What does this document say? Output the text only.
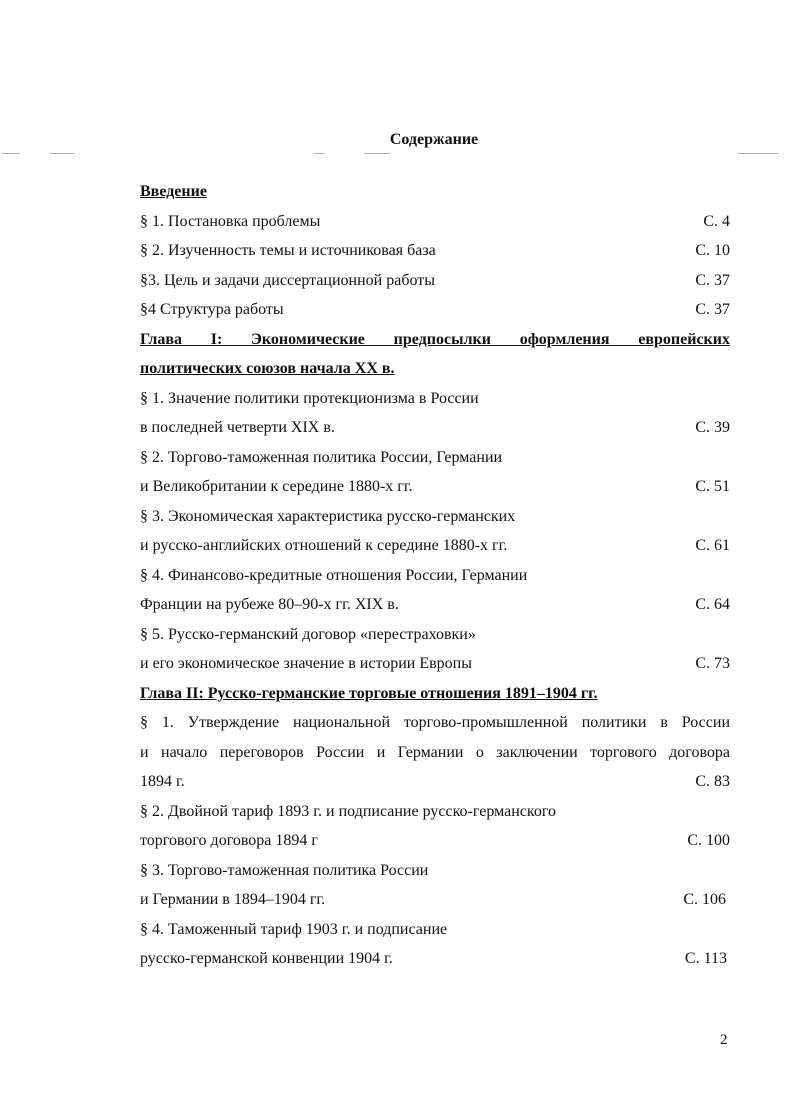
Содержание
Введение
§ 1. Постановка проблемы	С. 4
§ 2. Изученность темы и источниковая база	С. 10
§3. Цель и задачи диссертационной работы	С. 37
§4 Структура работы	С. 37
Глава I: Экономические предпосылки оформления европейских
политических союзов начала XX в.
§ 1. Значение политики протекционизма в России
в последней четверти XIX в.	С. 39
§ 2. Торгово-таможенная политика России, Германии
и Великобритании к середине 1880-х гг.	С. 51
§ 3. Экономическая характеристика русско-германских
и русско-английских отношений к середине 1880-х гг.	С. 61
§ 4. Финансово-кредитные отношения России, Германии
Франции на рубеже 80–90-х гг. XIX в.	С. 64
§ 5. Русско-германский договор «перестраховки»
и его экономическое значение в истории Европы	С. 73
Глава II: Русско-германские торговые отношения 1891–1904 гг.
§ 1. Утверждение национальной торгово-промышленной политики в России
и начало переговоров России и Германии о заключении торгового договора
1894 г.	С. 83
§ 2. Двойной тариф 1893 г. и подписание русско-германского
торгового договора 1894 г	С. 100
§ 3. Торгово-таможенная политика России
и Германии в 1894–1904 гг.	С. 106
§ 4. Таможенный тариф 1903 г. и подписание
русско-германской конвенции 1904 г.	С. 113
2
